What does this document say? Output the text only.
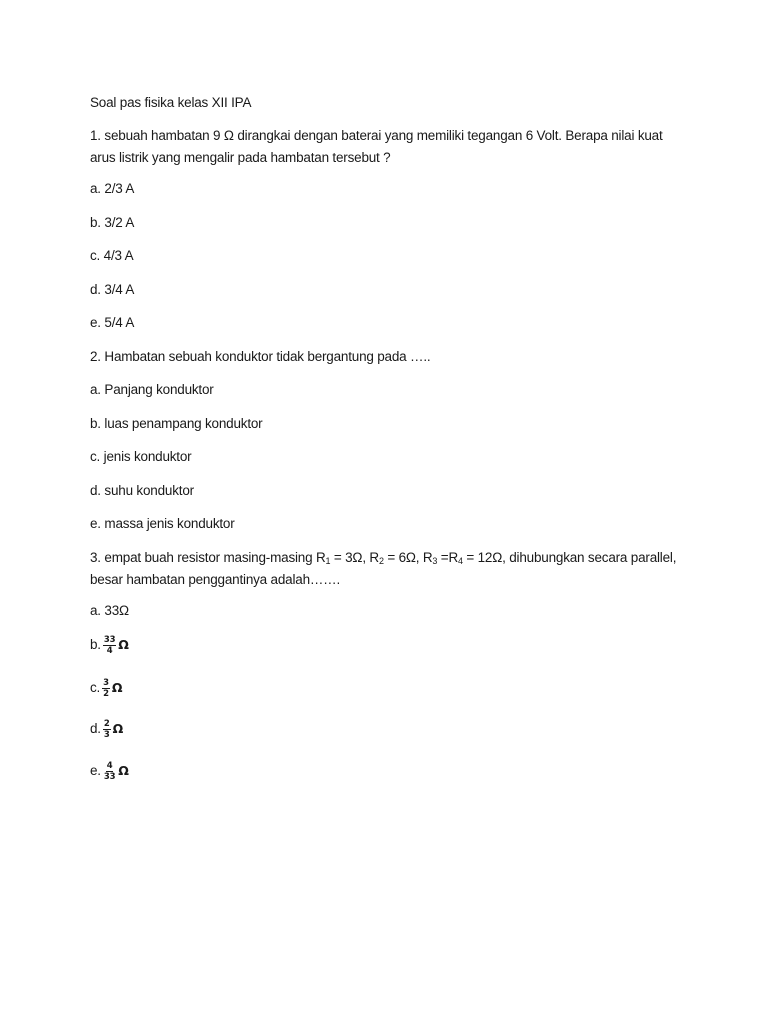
Soal pas fisika kelas XII IPA
1. sebuah hambatan 9 Ω dirangkai dengan baterai yang memiliki tegangan 6 Volt. Berapa nilai kuat arus listrik yang mengalir pada hambatan tersebut ?
a. 2/3 A
b. 3/2 A
c. 4/3 A
d. 3/4 A
e. 5/4 A
2. Hambatan sebuah konduktor tidak bergantung pada …..
a. Panjang konduktor
b. luas penampang konduktor
c. jenis konduktor
d. suhu konduktor
e. massa jenis konduktor
3. empat buah resistor masing-masing $R_1 = 3\Omega$, $R_2 = 6\Omega$, $R_3 =R_4 = 12\Omega$, dihubungkan secara parallel, besar hambatan penggantinya adalah…….
a. 33Ω
b. $\frac{33}{4}$ Ω
c. $\frac{3}{2}$ Ω
d. $\frac{2}{3}$ Ω
e. $\frac{4}{33}$ Ω
